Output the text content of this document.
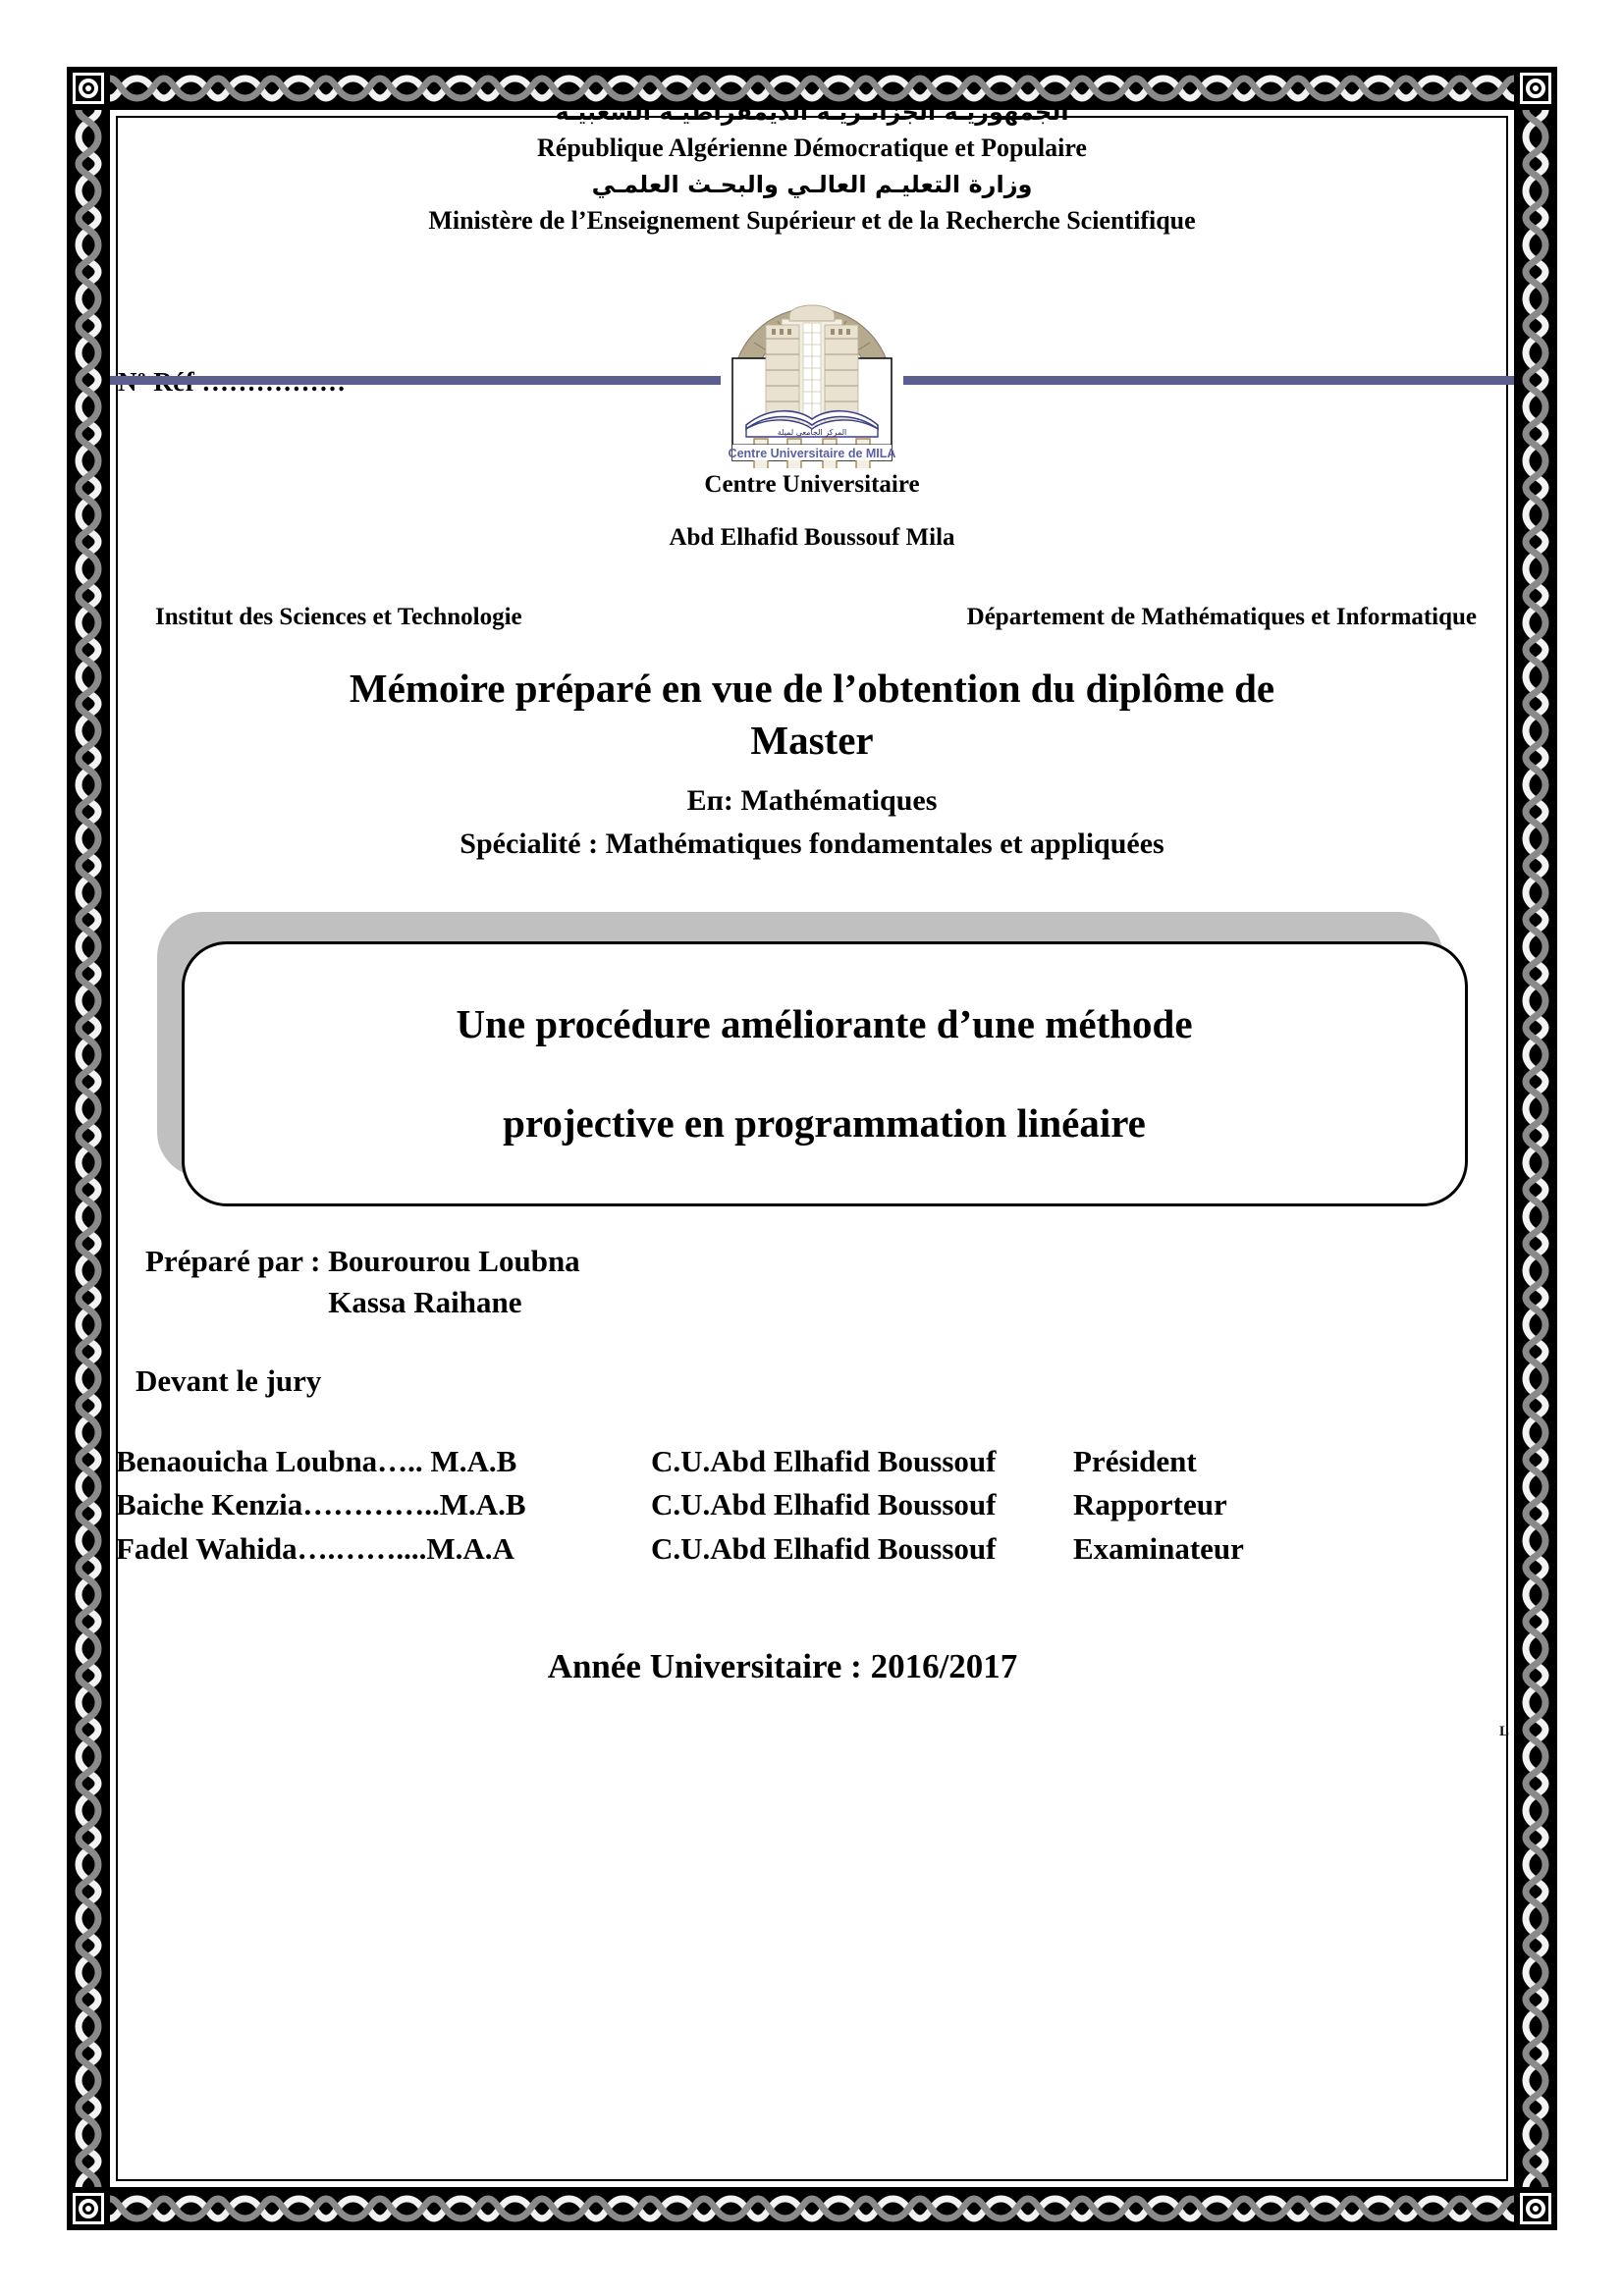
الجمهوريـة الجزائـريـة الديمقراطيـة الشعبيـة
République Algérienne Démocratique et Populaire
وزارة التعليـم العالـي والبحـث العلمـي
Ministère de l’Enseignement Supérieur et de la Recherche Scientifique
المركز الجامعي لميلة
Centre Universitaire de MILA
Centre Universitaire
Abd Elhafid Boussouf Mila
Institut des Sciences et Technologie	Département de Mathématiques et Informatique
Mémoire préparé en vue de l’obtention du diplôme de
Master
Eᴨ: Mathématiques
Spécialité : Mathématiques fondamentales et appliquées
Une procédure améliorante d’une méthode
projective en programmation linéaire
Préparé par : Bourourou Loubna
Kassa Raihane
Devant le jury
Benaouicha Loubna….. M.A.B	C.U.Abd Elhafid Boussouf	Président
Baiche Kenzia…………..M.A.B	C.U.Abd Elhafid Boussouf	Rapporteur
Fadel Wahida….……....M.A.A	C.U.Abd Elhafid Boussouf	Examinateur
Année Universitaire : 2016/2017
L
